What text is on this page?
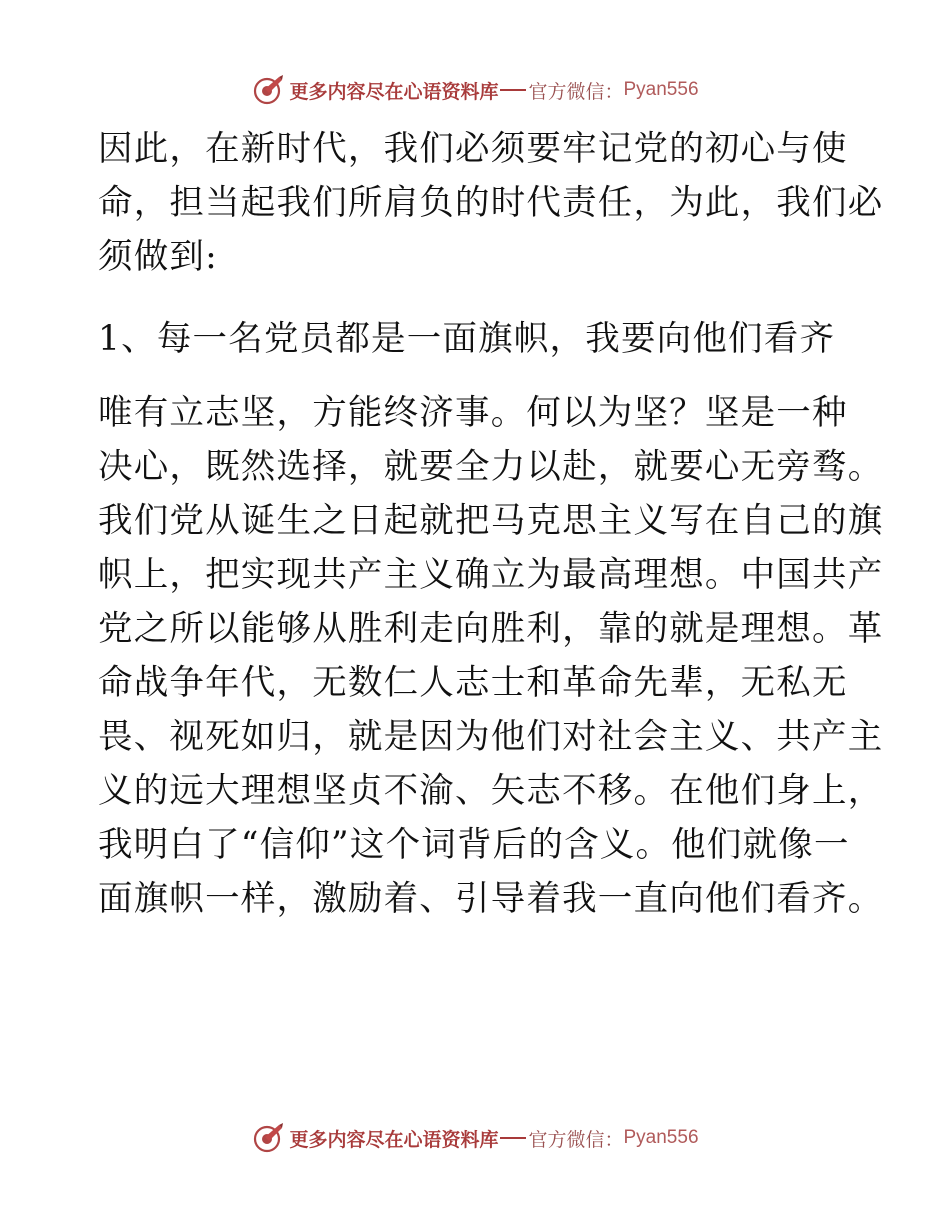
更多内容尽在心语资料库 官方微信： Pyan556

因此，在新时代，我们必须要牢记党的初心与使
命，担当起我们所肩负的时代责任，为此，我们必
须做到:

1、每一名党员都是一面旗帜，我要向他们看齐

唯有立志坚，方能终济事。何以为坚？坚是一种
决心，既然选择，就要全力以赴，就要心无旁骛。
我们党从诞生之日起就把马克思主义写在自己的旗
帜上，把实现共产主义确立为最高理想。中国共产
党之所以能够从胜利走向胜利，靠的就是理想。革
命战争年代，无数仁人志士和革命先辈，无私无
畏、视死如归，就是因为他们对社会主义、共产主
义的远大理想坚贞不渝、矢志不移。在他们身上，
我明白了“信仰”这个词背后的含义。他们就像一
面旗帜一样，激励着、引导着我一直向他们看齐。

更多内容尽在心语资料库 官方微信： Pyan556
